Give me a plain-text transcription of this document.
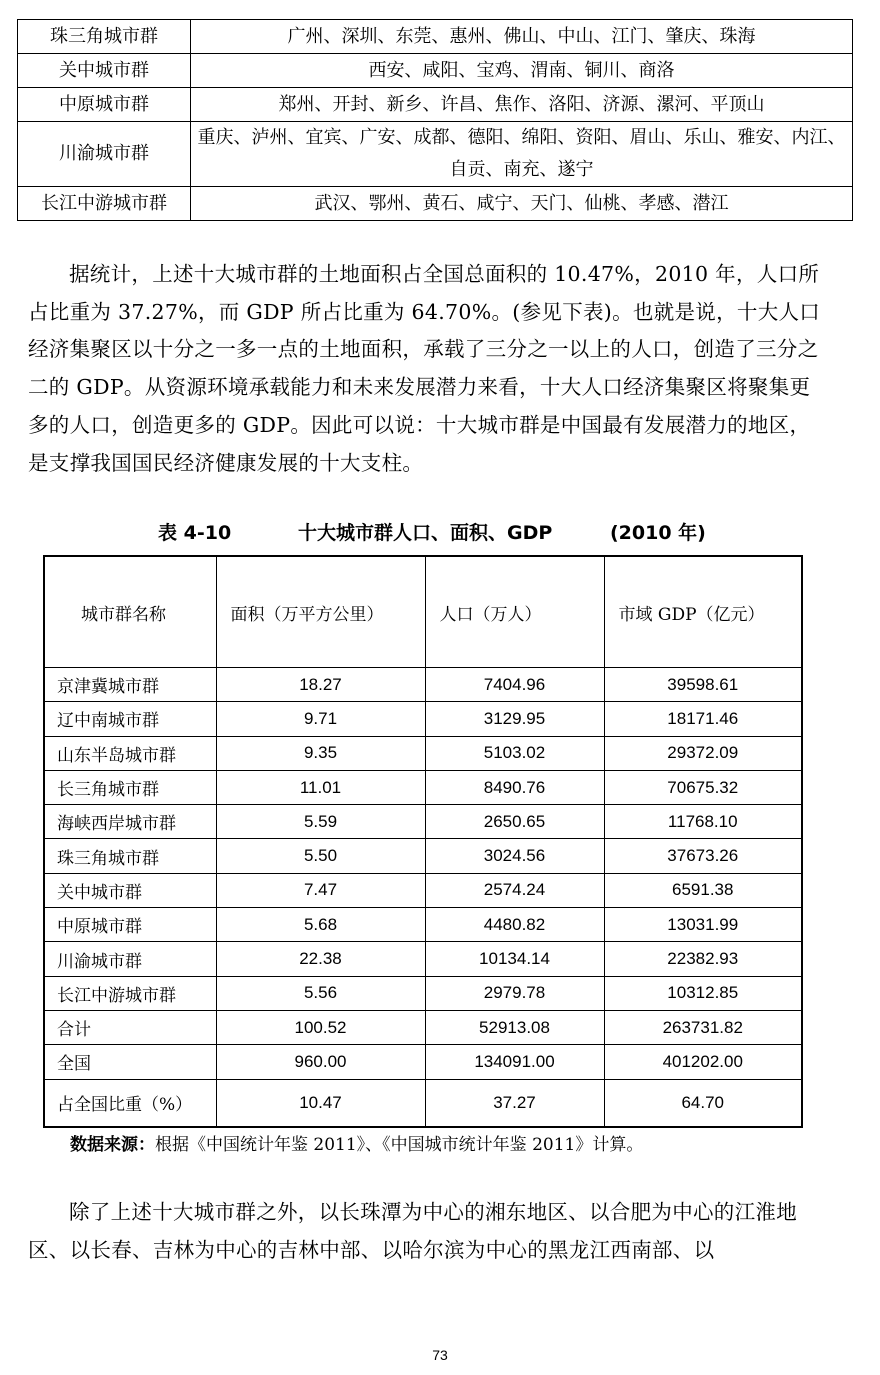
珠三角城市群	广州、深圳、东莞、惠州、佛山、中山、江门、肇庆、珠海
关中城市群	西安、咸阳、宝鸡、渭南、铜川、商洛
中原城市群	郑州、开封、新乡、许昌、焦作、洛阳、济源、漯河、平顶山
川渝城市群	重庆、泸州、宜宾、广安、成都、德阳、绵阳、资阳、眉山、乐山、雅安、内江、自贡、南充、遂宁
长江中游城市群	武汉、鄂州、黄石、咸宁、天门、仙桃、孝感、潜江

据统计，上述十大城市群的土地面积占全国总面积的 10.47%，2010 年，人口所占比重为 37.27%，而 GDP 所占比重为 64.70%。(参见下表)。也就是说，十大人口经济集聚区以十分之一多一点的土地面积，承载了三分之一以上的人口，创造了三分之二的 GDP。从资源环境承载能力和未来发展潜力来看，十大人口经济集聚区将聚集更多的人口，创造更多的 GDP。因此可以说：十大城市群是中国最有发展潜力的地区，是支撑我国国民经济健康发展的十大支柱。

表 4-10	十大城市群人口、面积、GDP	(2010 年)
城市群名称	面积（万平方公里）	人口（万人）	市域 GDP（亿元）
京津冀城市群	18.27	7404.96	39598.61
辽中南城市群	9.71	3129.95	18171.46
山东半岛城市群	9.35	5103.02	29372.09
长三角城市群	11.01	8490.76	70675.32
海峡西岸城市群	5.59	2650.65	11768.10
珠三角城市群	5.50	3024.56	37673.26
关中城市群	7.47	2574.24	6591.38
中原城市群	5.68	4480.82	13031.99
川渝城市群	22.38	10134.14	22382.93
长江中游城市群	5.56	2979.78	10312.85
合计	100.52	52913.08	263731.82
全国	960.00	134091.00	401202.00
占全国比重（%）	10.47	37.27	64.70
数据来源：根据《中国统计年鉴 2011》、《中国城市统计年鉴 2011》计算。

除了上述十大城市群之外，以长珠潭为中心的湘东地区、以合肥为中心的江淮地区、以长春、吉林为中心的吉林中部、以哈尔滨为中心的黑龙江西南部、以

73
